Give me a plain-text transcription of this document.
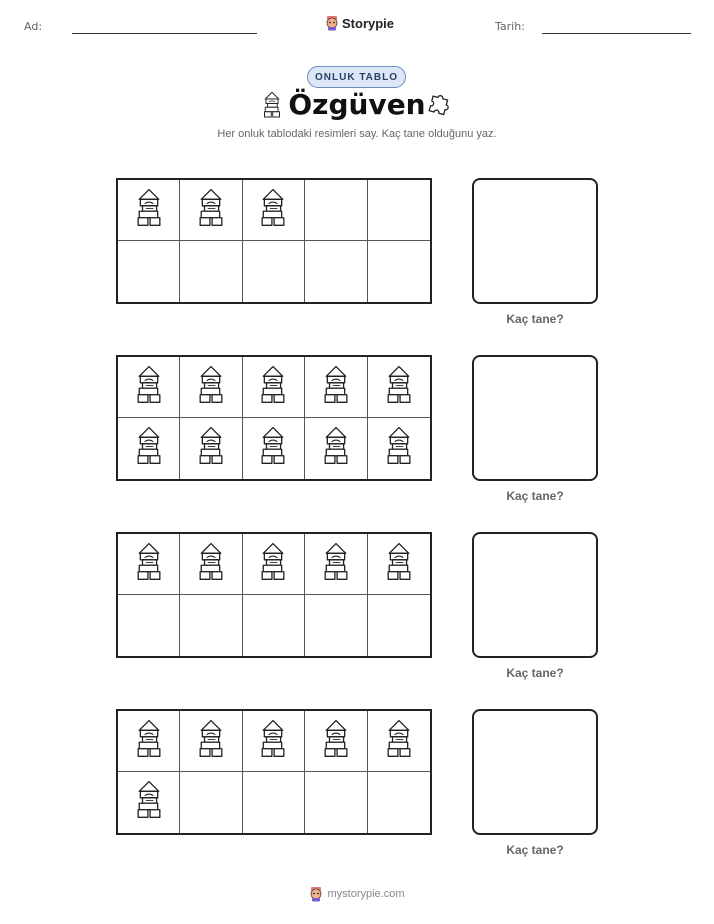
Ad:	Tarih:
Storypie
ONLUK TABLO
Özgüven
Her onluk tablodaki resimleri say. Kaç tane olduğunu yaz.
Kaç tane?
Kaç tane?
Kaç tane?
Kaç tane?
mystorypie.com
